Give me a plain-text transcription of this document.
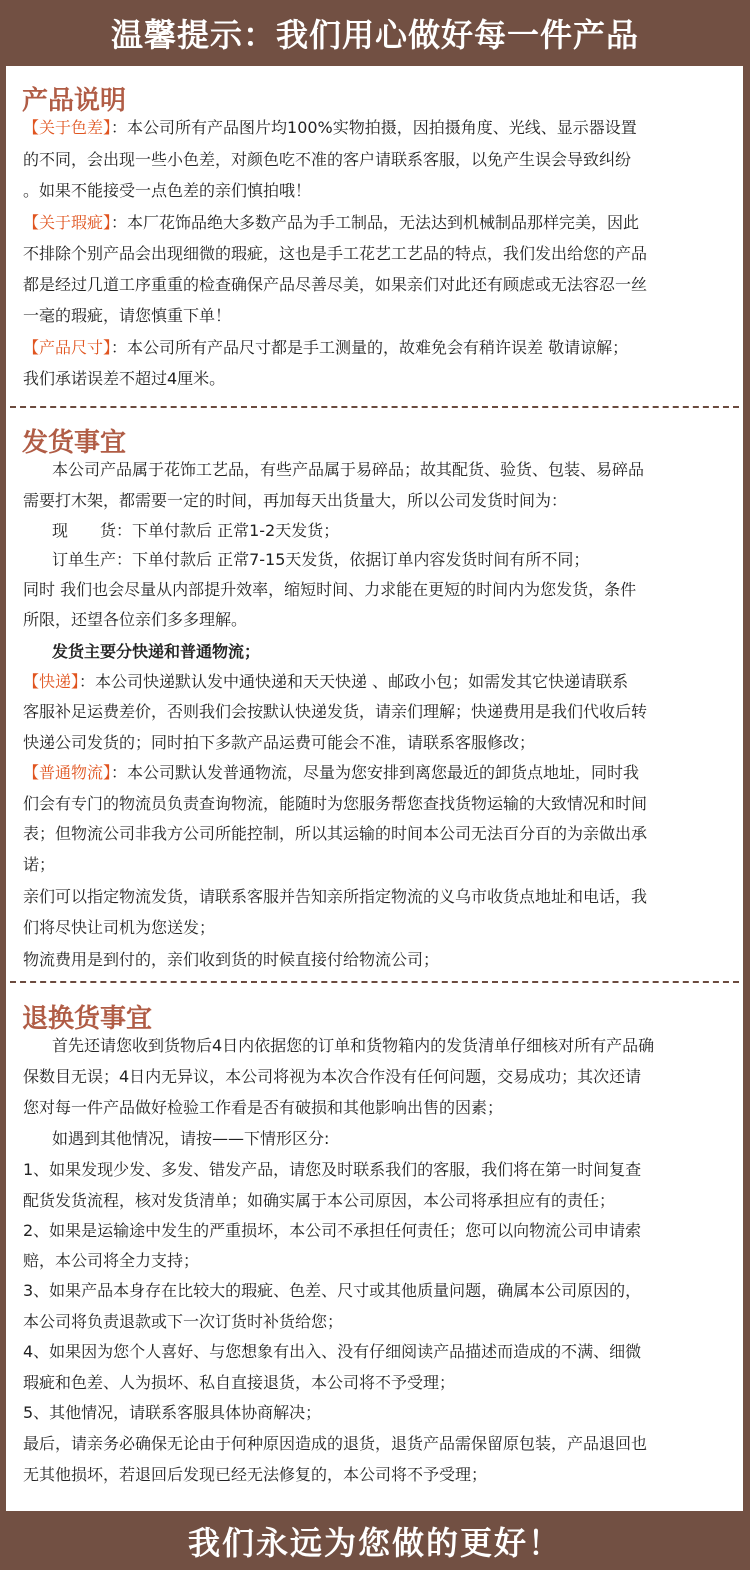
温馨提示：我们用心做好每一件产品
产品说明
【关于色差】：本公司所有产品图片均100%实物拍摄，因拍摄角度、光线、显示器设置
的不同，会出现一些小色差，对颜色吃不准的客户请联系客服，以免产生误会导致纠纷
。如果不能接受一点色差的亲们慎拍哦！
【关于瑕疵】：本厂花饰品绝大多数产品为手工制品，无法达到机械制品那样完美，因此
不排除个别产品会出现细微的瑕疵，这也是手工花艺工艺品的特点，我们发出给您的产品
都是经过几道工序重重的检查确保产品尽善尽美，如果亲们对此还有顾虑或无法容忍一丝
一毫的瑕疵，请您慎重下单！
【产品尺寸】：本公司所有产品尺寸都是手工测量的，故难免会有稍许误差 敬请谅解；
我们承诺误差不超过4厘米。
发货事宜
本公司产品属于花饰工艺品，有些产品属于易碎品；故其配货、验货、包装、易碎品
需要打木架，都需要一定的时间，再加每天出货量大，所以公司发货时间为：
现　　货：下单付款后 正常1-2天发货；
订单生产：下单付款后 正常7-15天发货，依据订单内容发货时间有所不同；
同时 我们也会尽量从内部提升效率，缩短时间、力求能在更短的时间内为您发货，条件
所限，还望各位亲们多多理解。
发货主要分快递和普通物流；
【快递】：本公司快递默认发中通快递和天天快递 、邮政小包；如需发其它快递请联系
客服补足运费差价，否则我们会按默认快递发货，请亲们理解；快递费用是我们代收后转
快递公司发货的；同时拍下多款产品运费可能会不准，请联系客服修改；
【普通物流】：本公司默认发普通物流，尽量为您安排到离您最近的卸货点地址，同时我
们会有专门的物流员负责查询物流，能随时为您服务帮您查找货物运输的大致情况和时间
表；但物流公司非我方公司所能控制，所以其运输的时间本公司无法百分百的为亲做出承
诺；
亲们可以指定物流发货，请联系客服并告知亲所指定物流的义乌市收货点地址和电话，我
们将尽快让司机为您送发；
物流费用是到付的，亲们收到货的时候直接付给物流公司；
退换货事宜
首先还请您收到货物后4日内依据您的订单和货物箱内的发货清单仔细核对所有产品确
保数目无误；4日内无异议，本公司将视为本次合作没有任何问题，交易成功；其次还请
您对每一件产品做好检验工作看是否有破损和其他影响出售的因素；
如遇到其他情况，请按——下情形区分:
1、如果发现少发、多发、错发产品，请您及时联系我们的客服，我们将在第一时间复查
配货发货流程，核对发货清单；如确实属于本公司原因，本公司将承担应有的责任；
2、如果是运输途中发生的严重损坏，本公司不承担任何责任；您可以向物流公司申请索
赔，本公司将全力支持；
3、如果产品本身存在比较大的瑕疵、色差、尺寸或其他质量问题，确属本公司原因的，
本公司将负责退款或下一次订货时补货给您；
4、如果因为您个人喜好、与您想象有出入、没有仔细阅读产品描述而造成的不满、细微
瑕疵和色差、人为损坏、私自直接退货，本公司将不予受理；
5、其他情况，请联系客服具体协商解决；
最后，请亲务必确保无论由于何种原因造成的退货，退货产品需保留原包装，产品退回也
无其他损坏，若退回后发现已经无法修复的，本公司将不予受理；
我们永远为您做的更好！
